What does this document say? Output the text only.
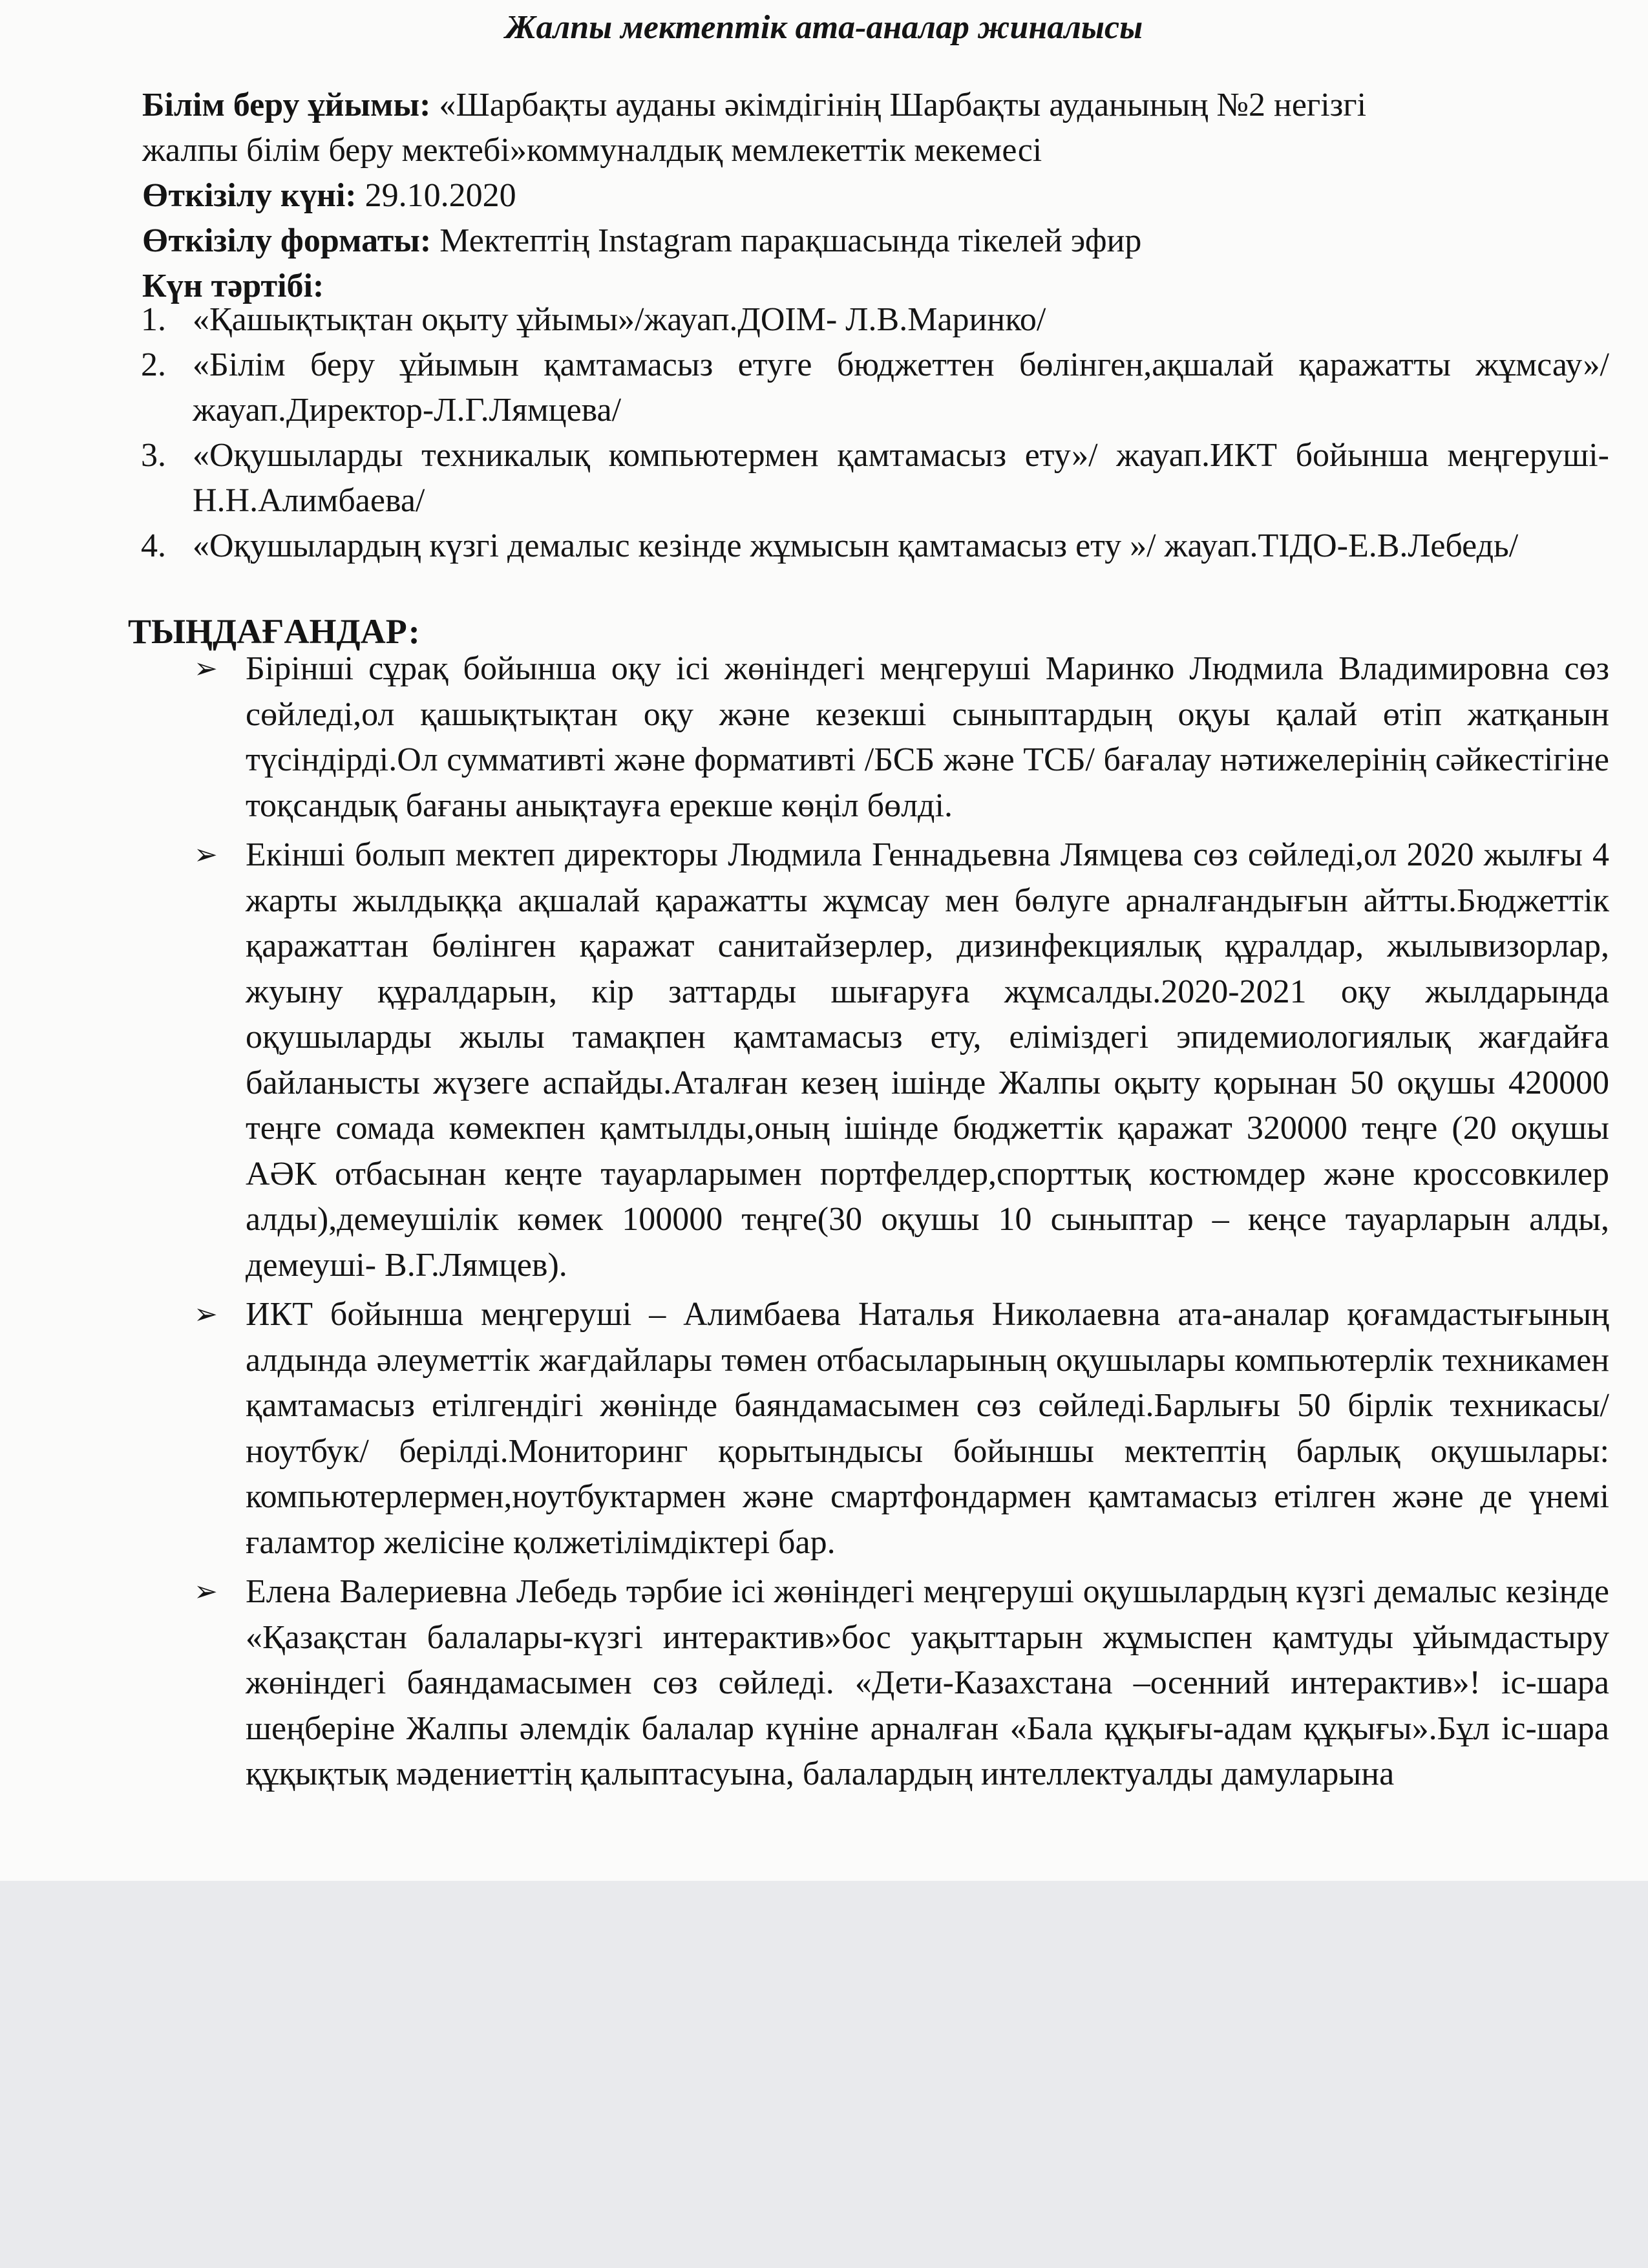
Жалпы мектептік ата-аналар жиналысы
Білім беру ұйымы: «Шарбақты ауданы әкімдігінің Шарбақты ауданының №2 негізгі
жалпы білім беру мектебі»коммуналдық мемлекеттік мекемесі
Өткізілу күні: 29.10.2020
Өткізілу форматы: Мектептің Instagram парақшасында тікелей эфир
Күн тәртібі:
1. «Қашықтықтан оқыту ұйымы»/жауап.ДОІМ- Л.В.Маринко/
2. «Білім беру ұйымын қамтамасыз етуге бюджеттен бөлінген,ақшалай қаражатты жұмсау»/жауап.Директор-Л.Г.Лямцева/
3. «Оқушыларды техникалық компьютермен қамтамасыз ету»/ жауап.ИКТ бойынша меңгеруші- Н.Н.Алимбаева/
4. «Оқушылардың күзгі демалыс кезінде жұмысын қамтамасыз ету »/ жауап.ТІДО-Е.В.Лебедь/
ТЫҢДАҒАНДАР:
➢ Бірінші сұрақ бойынша оқу ісі жөніндегі меңгеруші Маринко Людмила Владимировна сөз сөйледі,ол қашықтықтан оқу және кезекші сыныптардың оқуы қалай өтіп жатқанын түсіндірді.Ол суммативті және формативті /БСБ және ТСБ/ бағалау нәтижелерінің сәйкестігіне тоқсандық бағаны анықтауға ерекше көңіл бөлді.
➢ Екінші болып мектеп директоры Людмила Геннадьевна Лямцева сөз сөйледі,ол 2020 жылғы 4 жарты жылдыққа ақшалай қаражатты жұмсау мен бөлуге арналғандығын айтты.Бюджеттік қаражаттан бөлінген қаражат санитайзерлер, дизинфекциялық құралдар, жылывизорлар, жуыну құралдарын, кір заттарды шығаруға жұмсалды.2020-2021 оқу жылдарында оқушыларды жылы тамақпен қамтамасыз ету, еліміздегі эпидемиологиялық жағдайға байланысты жүзеге аспайды.Аталған кезең ішінде Жалпы оқыту қорынан 50 оқушы 420000 теңге сомада көмекпен қамтылды,оның ішінде бюджеттік қаражат 320000 теңге (20 оқушы АӘК отбасынан кеңте тауарларымен портфелдер,спорттық костюмдер және кроссовкилер алды),демеушілік көмек 100000 теңге(30 оқушы 10 сыныптар – кеңсе тауарларын алды, демеуші- В.Г.Лямцев).
➢ ИКТ бойынша меңгеруші – Алимбаева Наталья Николаевна ата-аналар қоғамдастығының алдында әлеуметтік жағдайлары төмен отбасыларының оқушылары компьютерлік техникамен қамтамасыз етілгендігі жөнінде баяндамасымен сөз сөйледі.Барлығы 50 бірлік техникасы/ноутбук/ берілді.Мониторинг қорытындысы бойыншы мектептің барлық оқушылары: компьютерлермен,ноутбуктармен және смартфондармен қамтамасыз етілген және де үнемі ғаламтор желісіне қолжетілімдіктері бар.
➢ Елена Валериевна Лебедь тәрбие ісі жөніндегі меңгеруші оқушылардың күзгі демалыс кезінде «Қазақстан балалары-күзгі интерактив»бос уақыттарын жұмыспен қамтуды ұйымдастыру жөніндегі баяндамасымен сөз сөйледі. «Дети-Казахстана –осенний интерактив»! іс-шара шеңберіне Жалпы әлемдік балалар күніне арналған «Бала құқығы-адам құқығы».Бұл іс-шара құқықтық мәдениеттің қалыптасуына, балалардың интеллектуалды дамуларына
